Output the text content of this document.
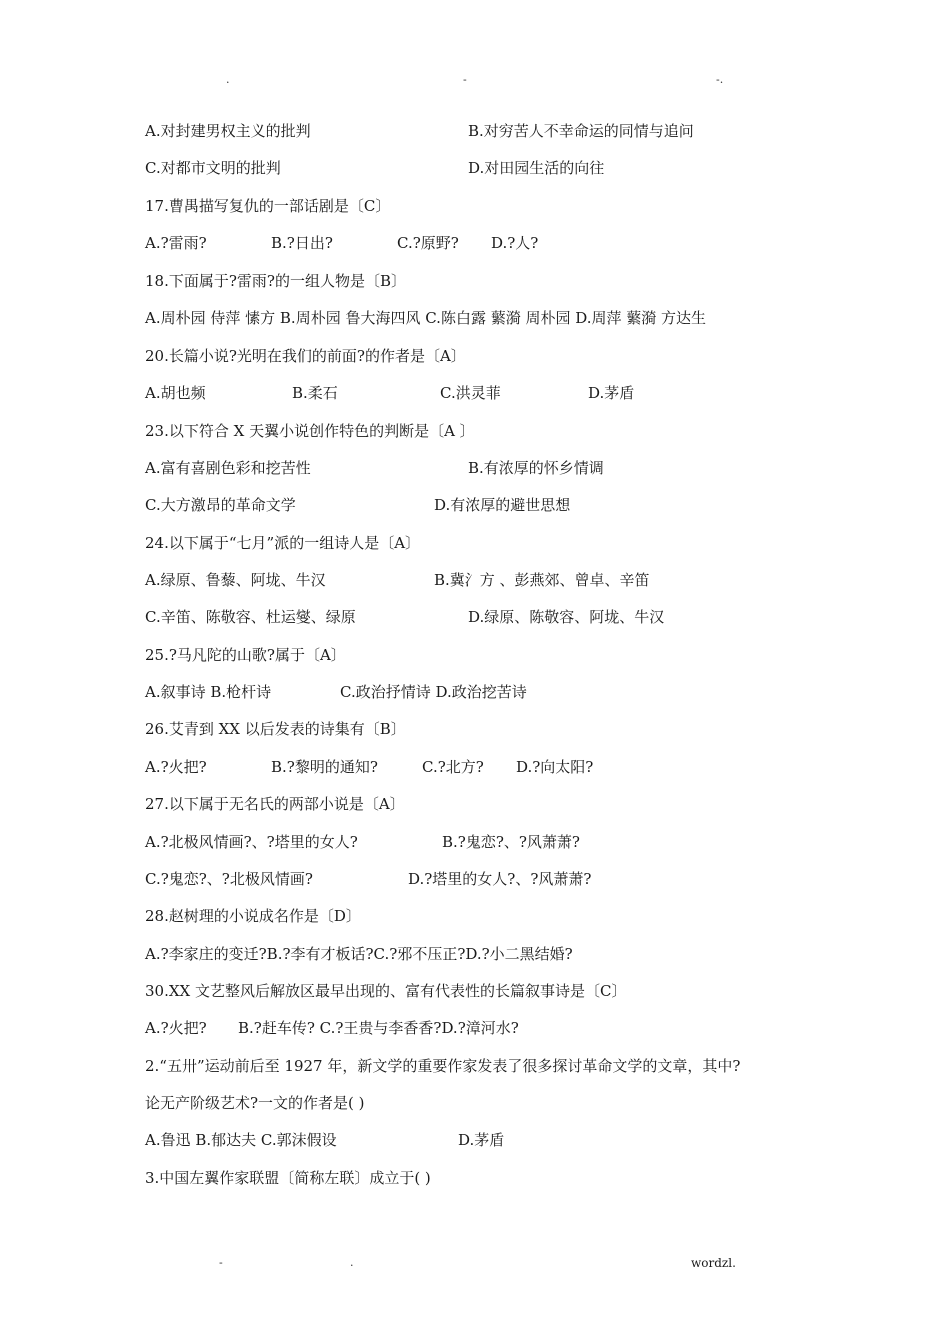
.	-	-.
A.对封建男权主义的批判	B.对穷苦人不幸命运的同情与追问
C.对都市文明的批判	D.对田园生活的向往
17.曹禺描写复仇的一部话剧是〔C〕
A.?雷雨?	B.?日出?	C.?原野? D.?人?
18.下面属于?雷雨?的一组人物是〔B〕
A.周朴园 侍萍 愫方 B.周朴园 鲁大海四风 C.陈白露 蘩漪 周朴园 D.周萍 蘩漪 方达生
20.长篇小说?光明在我们的前面?的作者是〔A〕
A.胡也频	B.柔石	C.洪灵菲	D.茅盾
23.以下符合 X 天翼小说创作特色的判断是〔A 〕
A.富有喜剧色彩和挖苦性	B.有浓厚的怀乡情调
C.大方激昂的革命文学	D.有浓厚的避世思想
24.以下属于“七月”派的一组诗人是〔A〕
A.绿原、鲁藜、阿垅、牛汉	B.冀氵方 、彭燕郊、曾卓、辛笛
C.辛笛、陈敬容、杜运燮、绿原	D.绿原、陈敬容、阿垅、牛汉
25.?马凡陀的山歌?属于〔A〕
A.叙事诗 B.枪杆诗	C.政治抒情诗 D.政治挖苦诗
26.艾青到 XX 以后发表的诗集有〔B〕
A.?火把?	B.?黎明的通知?	C.?北方? D.?向太阳?
27.以下属于无名氏的两部小说是〔A〕
A.?北极风情画?、?塔里的女人?	B.?鬼恋?、?风萧萧?
C.?鬼恋?、?北极风情画?	D.?塔里的女人?、?风萧萧?
28.赵树理的小说成名作是〔D〕
A.?李家庄的变迁?B.?李有才板话?C.?邪不压正?D.?小二黑结婚?
30.XX 文艺整风后解放区最早出现的、富有代表性的长篇叙事诗是〔C〕
A.?火把? B.?赶车传? C.?王贵与李香香?D.?漳河水?
2.“五卅”运动前后至 1927 年，新文学的重要作家发表了很多探讨革命文学的文章，其中?
论无产阶级艺术?一文的作者是( )
A.鲁迅 B.郁达夫 C.郭沫假设	D.茅盾
3.中国左翼作家联盟〔简称左联〕成立于( )
-	.	wordzl.
